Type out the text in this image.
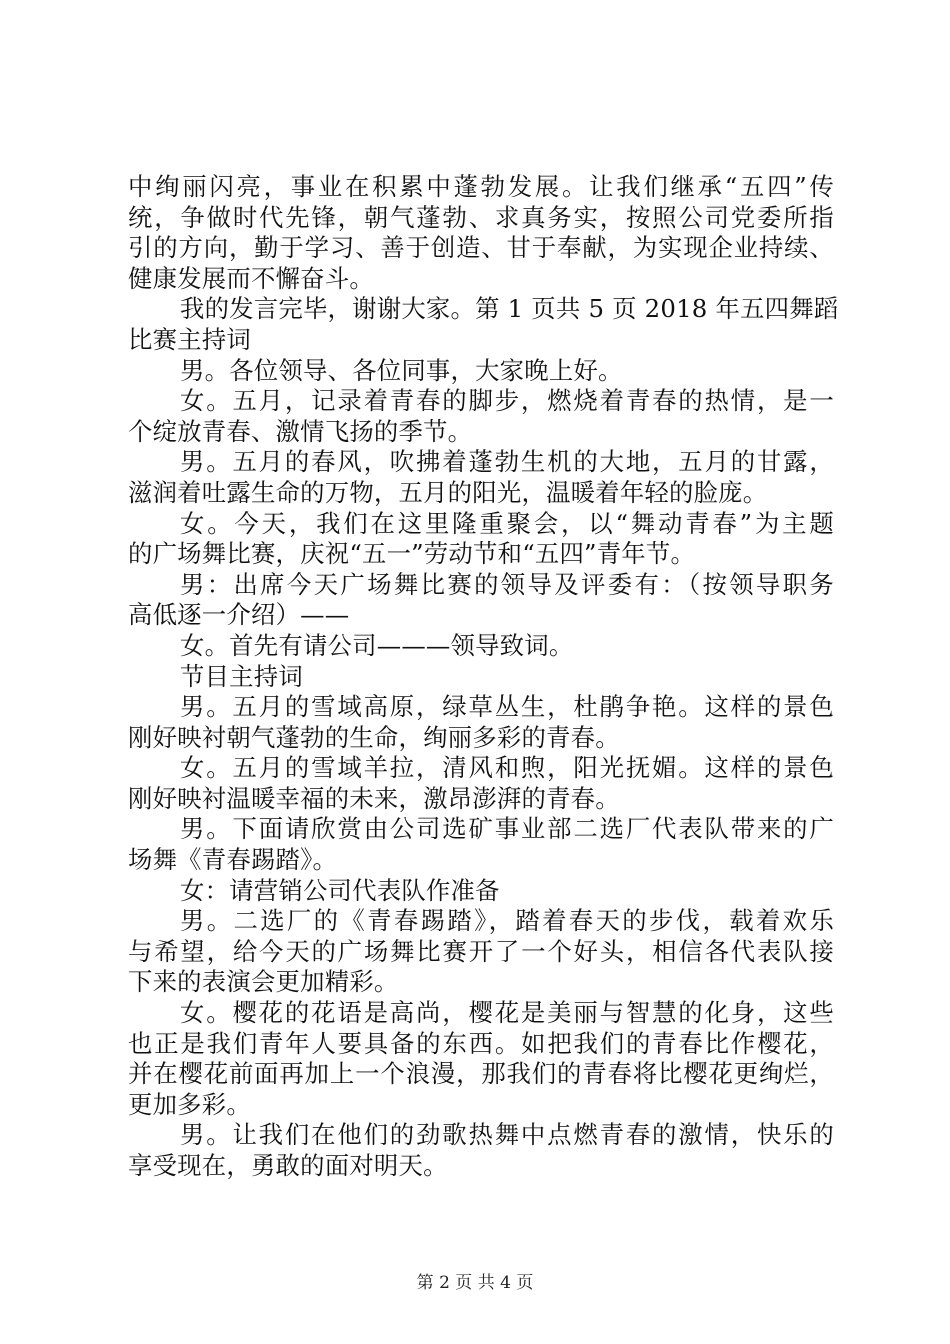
中绚丽闪亮，事业在积累中蓬勃发展。让我们继承“五四”传
统，争做时代先锋，朝气蓬勃、求真务实，按照公司党委所指
引的方向，勤于学习、善于创造、甘于奉献，为实现企业持续、
健康发展而不懈奋斗。
我的发言完毕，谢谢大家。第 1 页共 5 页 2018 年五四舞蹈
比赛主持词
男。各位领导、各位同事，大家晚上好。
女。五月，记录着青春的脚步，燃烧着青春的热情，是一
个绽放青春、激情飞扬的季节。
男。五月的春风，吹拂着蓬勃生机的大地，五月的甘露，
滋润着吐露生命的万物，五月的阳光，温暖着年轻的脸庞。
女。今天，我们在这里隆重聚会，以“舞动青春”为主题
的广场舞比赛，庆祝“五一”劳动节和“五四”青年节。
男：出席今天广场舞比赛的领导及评委有：（按领导职务
高低逐一介绍）——
女。首先有请公司———领导致词。
节目主持词
男。五月的雪域高原，绿草丛生，杜鹃争艳。这样的景色
刚好映衬朝气蓬勃的生命，绚丽多彩的青春。
女。五月的雪域羊拉，清风和煦，阳光抚媚。这样的景色
刚好映衬温暖幸福的未来，激昂澎湃的青春。
男。下面请欣赏由公司选矿事业部二选厂代表队带来的广
场舞《青春踢踏》。
女：请营销公司代表队作准备
男。二选厂的《青春踢踏》，踏着春天的步伐，载着欢乐
与希望，给今天的广场舞比赛开了一个好头，相信各代表队接
下来的表演会更加精彩。
女。樱花的花语是高尚，樱花是美丽与智慧的化身，这些
也正是我们青年人要具备的东西。如把我们的青春比作樱花，
并在樱花前面再加上一个浪漫，那我们的青春将比樱花更绚烂，
更加多彩。
男。让我们在他们的劲歌热舞中点燃青春的激情，快乐的
享受现在，勇敢的面对明天。
第 2 页 共 4 页
